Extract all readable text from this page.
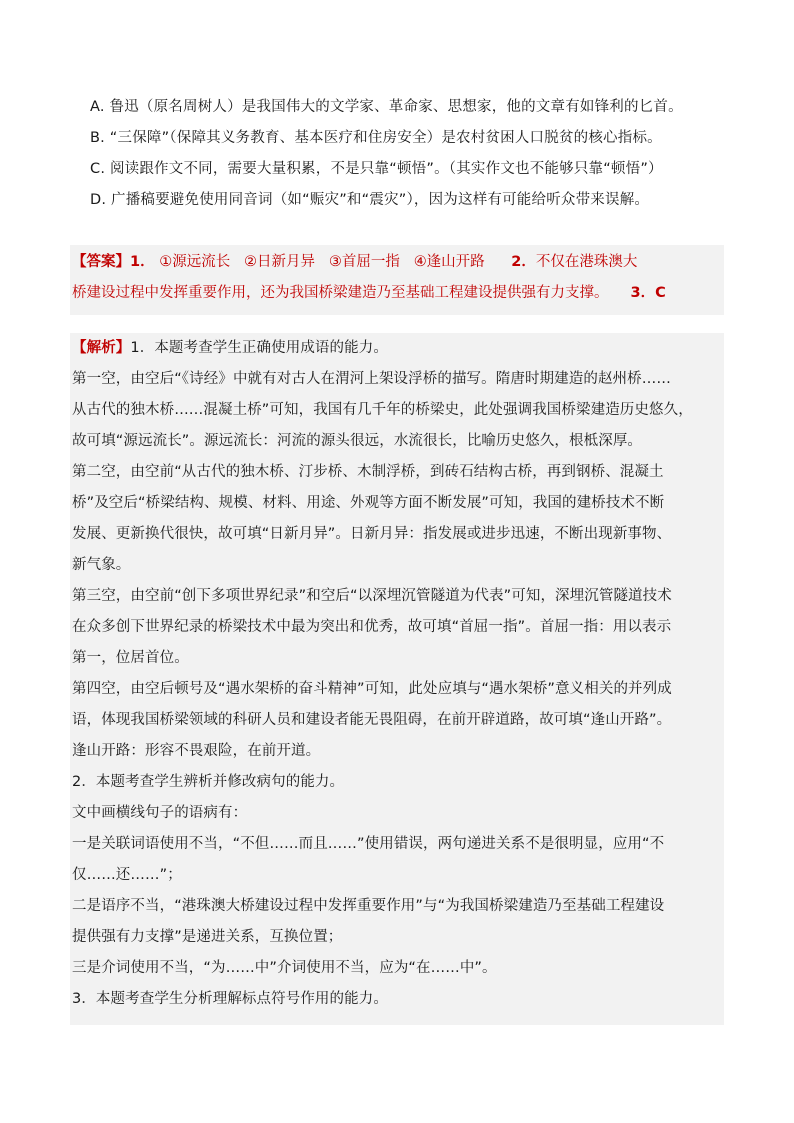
A. 鲁迅（原名周树人）是我国伟大的文学家、革命家、思想家，他的文章有如锋利的匕首。
B. “三保障”（保障其义务教育、基本医疗和住房安全）是农村贫困人口脱贫的核心指标。
C. 阅读跟作文不同，需要大量积累，不是只靠“顿悟”。（其实作文也不能够只靠“顿悟”）
D. 广播稿要避免使用同音词（如“赈灾”和“震灾”），因为这样有可能给听众带来误解。
【答案】1． ①源远流长 ②日新月异 ③首屈一指 ④逢山开路 2．不仅在港珠澳大
桥建设过程中发挥重要作用，还为我国桥梁建造乃至基础工程建设提供强有力支撑。 3．C
【解析】1．本题考查学生正确使用成语的能力。
第一空，由空后“《诗经》中就有对古人在渭河上架设浮桥的描写。隋唐时期建造的赵州桥……
从古代的独木桥……混凝土桥”可知，我国有几千年的桥梁史，此处强调我国桥梁建造历史悠久，
故可填“源远流长”。源远流长：河流的源头很远，水流很长，比喻历史悠久，根柢深厚。
第二空，由空前“从古代的独木桥、汀步桥、木制浮桥，到砖石结构古桥，再到钢桥、混凝土
桥”及空后“桥梁结构、规模、材料、用途、外观等方面不断发展”可知，我国的建桥技术不断
发展、更新换代很快，故可填“日新月异”。日新月异：指发展或进步迅速，不断出现新事物、
新气象。
第三空，由空前“创下多项世界纪录”和空后“以深埋沉管隧道为代表”可知，深埋沉管隧道技术
在众多创下世界纪录的桥梁技术中最为突出和优秀，故可填“首屈一指”。首屈一指：用以表示
第一，位居首位。
第四空，由空后顿号及“遇水架桥的奋斗精神”可知，此处应填与“遇水架桥”意义相关的并列成
语，体现我国桥梁领域的科研人员和建设者能无畏阻碍，在前开辟道路，故可填“逢山开路”。
逢山开路：形容不畏艰险，在前开道。
2．本题考查学生辨析并修改病句的能力。
文中画横线句子的语病有：
一是关联词语使用不当，“不但……而且……”使用错误，两句递进关系不是很明显，应用“不
仅……还……”；
二是语序不当，“港珠澳大桥建设过程中发挥重要作用”与“为我国桥梁建造乃至基础工程建设
提供强有力支撑”是递进关系，互换位置；
三是介词使用不当，“为……中”介词使用不当，应为“在……中”。
3．本题考查学生分析理解标点符号作用的能力。
